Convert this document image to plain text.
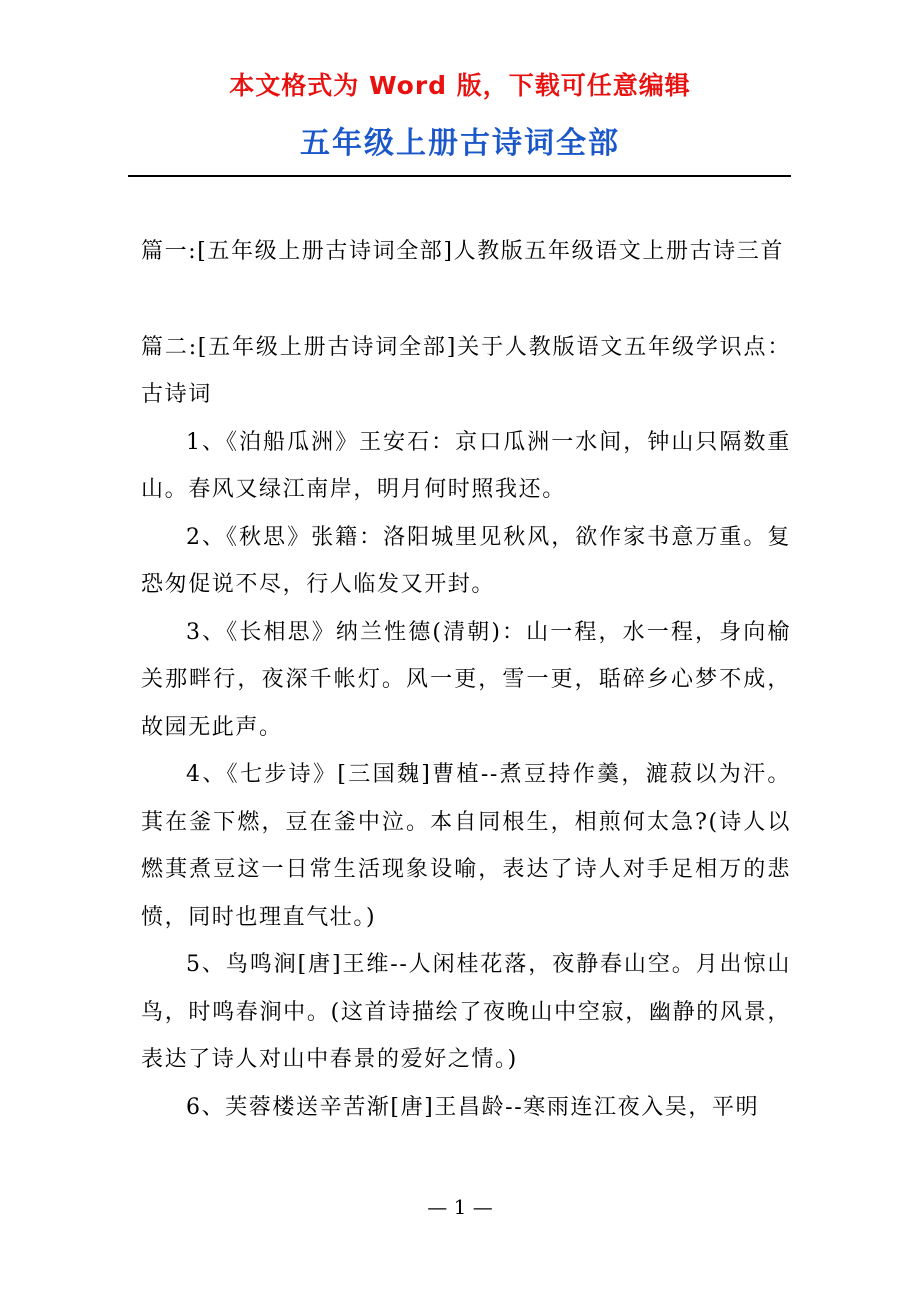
本文格式为 Word 版，下载可任意编辑
五年级上册古诗词全部

篇一:[五年级上册古诗词全部]人教版五年级语文上册古诗三首

篇二:[五年级上册古诗词全部]关于人教版语文五年级学识点：古诗词

1、《泊船瓜洲》王安石：京口瓜洲一水间，钟山只隔数重山。春风又绿江南岸，明月何时照我还。

2、《秋思》张籍：洛阳城里见秋风，欲作家书意万重。复恐匆促说不尽，行人临发又开封。

3、《长相思》纳兰性德(清朝)：山一程，水一程，身向榆关那畔行，夜深千帐灯。风一更，雪一更，聒碎乡心梦不成，故园无此声。

4、《七步诗》[三国魏]曹植--煮豆持作羹，漉菽以为汗。萁在釜下燃，豆在釜中泣。本自同根生，相煎何太急?(诗人以燃萁煮豆这一日常生活现象设喻，表达了诗人对手足相万的悲愤，同时也理直气壮。)

5、鸟鸣涧[唐]王维--人闲桂花落，夜静春山空。月出惊山鸟，时鸣春涧中。(这首诗描绘了夜晚山中空寂，幽静的风景，表达了诗人对山中春景的爱好之情。)

6、芙蓉楼送辛苦渐[唐]王昌龄--寒雨连江夜入吴，平明

— 1 —
